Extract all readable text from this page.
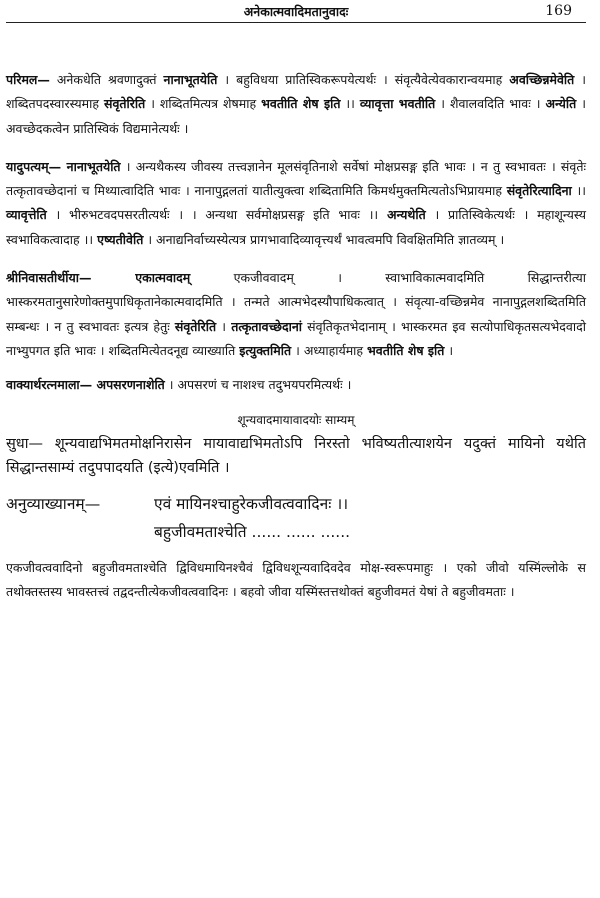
अनेकात्मवादिमतानुवादः	169

परिमल— अनेकधेति श्रवणादुक्तं नानाभूतयेति । बहुविधया प्रातिस्विकरूपयेत्यर्थः । संवृत्यैवेत्येवकारान्वयमाह अवच्छिन्नमेवेति । शब्दितपदस्वारस्यमाह संवृतेरिति । शब्दितमित्यत्र शेषमाह भवतीति शेष इति ।। व्यावृत्ता भवतीति । शैवालवदिति भावः । अन्येति । अवच्छेदकत्वेन प्रातिस्विकं विद्यमानेत्यर्थः ।

यादुपत्यम्— नानाभूतयेति । अन्यथैकस्य जीवस्य तत्त्वज्ञानेन मूलसंवृतिनाशे सर्वेषां मोक्षप्रसङ्ग इति भावः । न तु स्वभावतः । संवृतेः तत्कृतावच्छेदानां च मिथ्यात्वादिति भावः । नानापुद्गलतां यातीत्युक्त्वा शब्दितामिति किमर्थमुक्तमित्यतोऽभिप्रायमाह संवृतेरित्यादिना ।। व्यावृत्तेति । भीरुभटवदपसरतीत्यर्थः । । अन्यथा सर्वमोक्षप्रसङ्ग इति भावः ।। अन्यथेति । प्रातिस्विकेत्यर्थः । महाशून्यस्य स्वभाविकत्वादाह ।। एष्यतीवेति । अनाद्यनिर्वाच्यस्येत्यत्र प्रागभावादिव्यावृत्त्यर्थं भावत्वमपि विवक्षितमिति ज्ञातव्यम् ।

श्रीनिवासतीर्थीया— एकात्मवादम् एकजीववादम् । स्वाभाविकात्मवादमिति सिद्धान्तरीत्या भास्करमतानुसारेणोक्तमुपाधिकृतानेकात्मवादमिति । तन्मते आत्मभेदस्यौपाधिकत्वात् । संवृत्या-वच्छिन्नमेव नानापुद्गलशब्दितमिति सम्बन्धः । न तु स्वभावतः इत्यत्र हेतुः संवृतेरिति । तत्कृतावच्छेदानां संवृतिकृतभेदानाम् । भास्करमत इव सत्योपाधिकृतसत्यभेदवादो नाभ्युपगत इति भावः । शब्दितमित्येतदनूद्य व्याख्याति इत्युक्तमिति । अध्याहार्यमाह भवतीति शेष इति ।

वाक्यार्थरत्नमाला— अपसरणनाशेति । अपसरणं च नाशश्च तदुभयपरमित्यर्थः ।

शून्यवादमायावादयोः साम्यम्

सुधा— शून्यवाद्यभिमतमोक्षनिरासेन मायावाद्यभिमतोऽपि निरस्तो भविष्यतीत्याशयेन यदुक्तं मायिनो यथेति सिद्धान्तसाम्यं तदुपपादयति (इत्ये)एवमिति ।

अनुव्याख्यानम्—	एवं मायिनश्चाहुरेकजीवत्ववादिनः ।।
बहुजीवमताश्चेति ...... ...... ......

एकजीवत्ववादिनो बहुजीवमताश्चेति द्विविधमायिनश्चैवं द्विविधशून्यवादिवदेव मोक्ष-स्वरूपमाहुः । एको जीवो यस्मिंल्लोके स तथोक्तस्तस्य भावस्तत्त्वं तद्वदन्तीत्येकजीवत्ववादिनः । बहवो जीवा यस्मिंस्तत्तथोक्तं बहुजीवमतं येषां ते बहुजीवमताः ।
